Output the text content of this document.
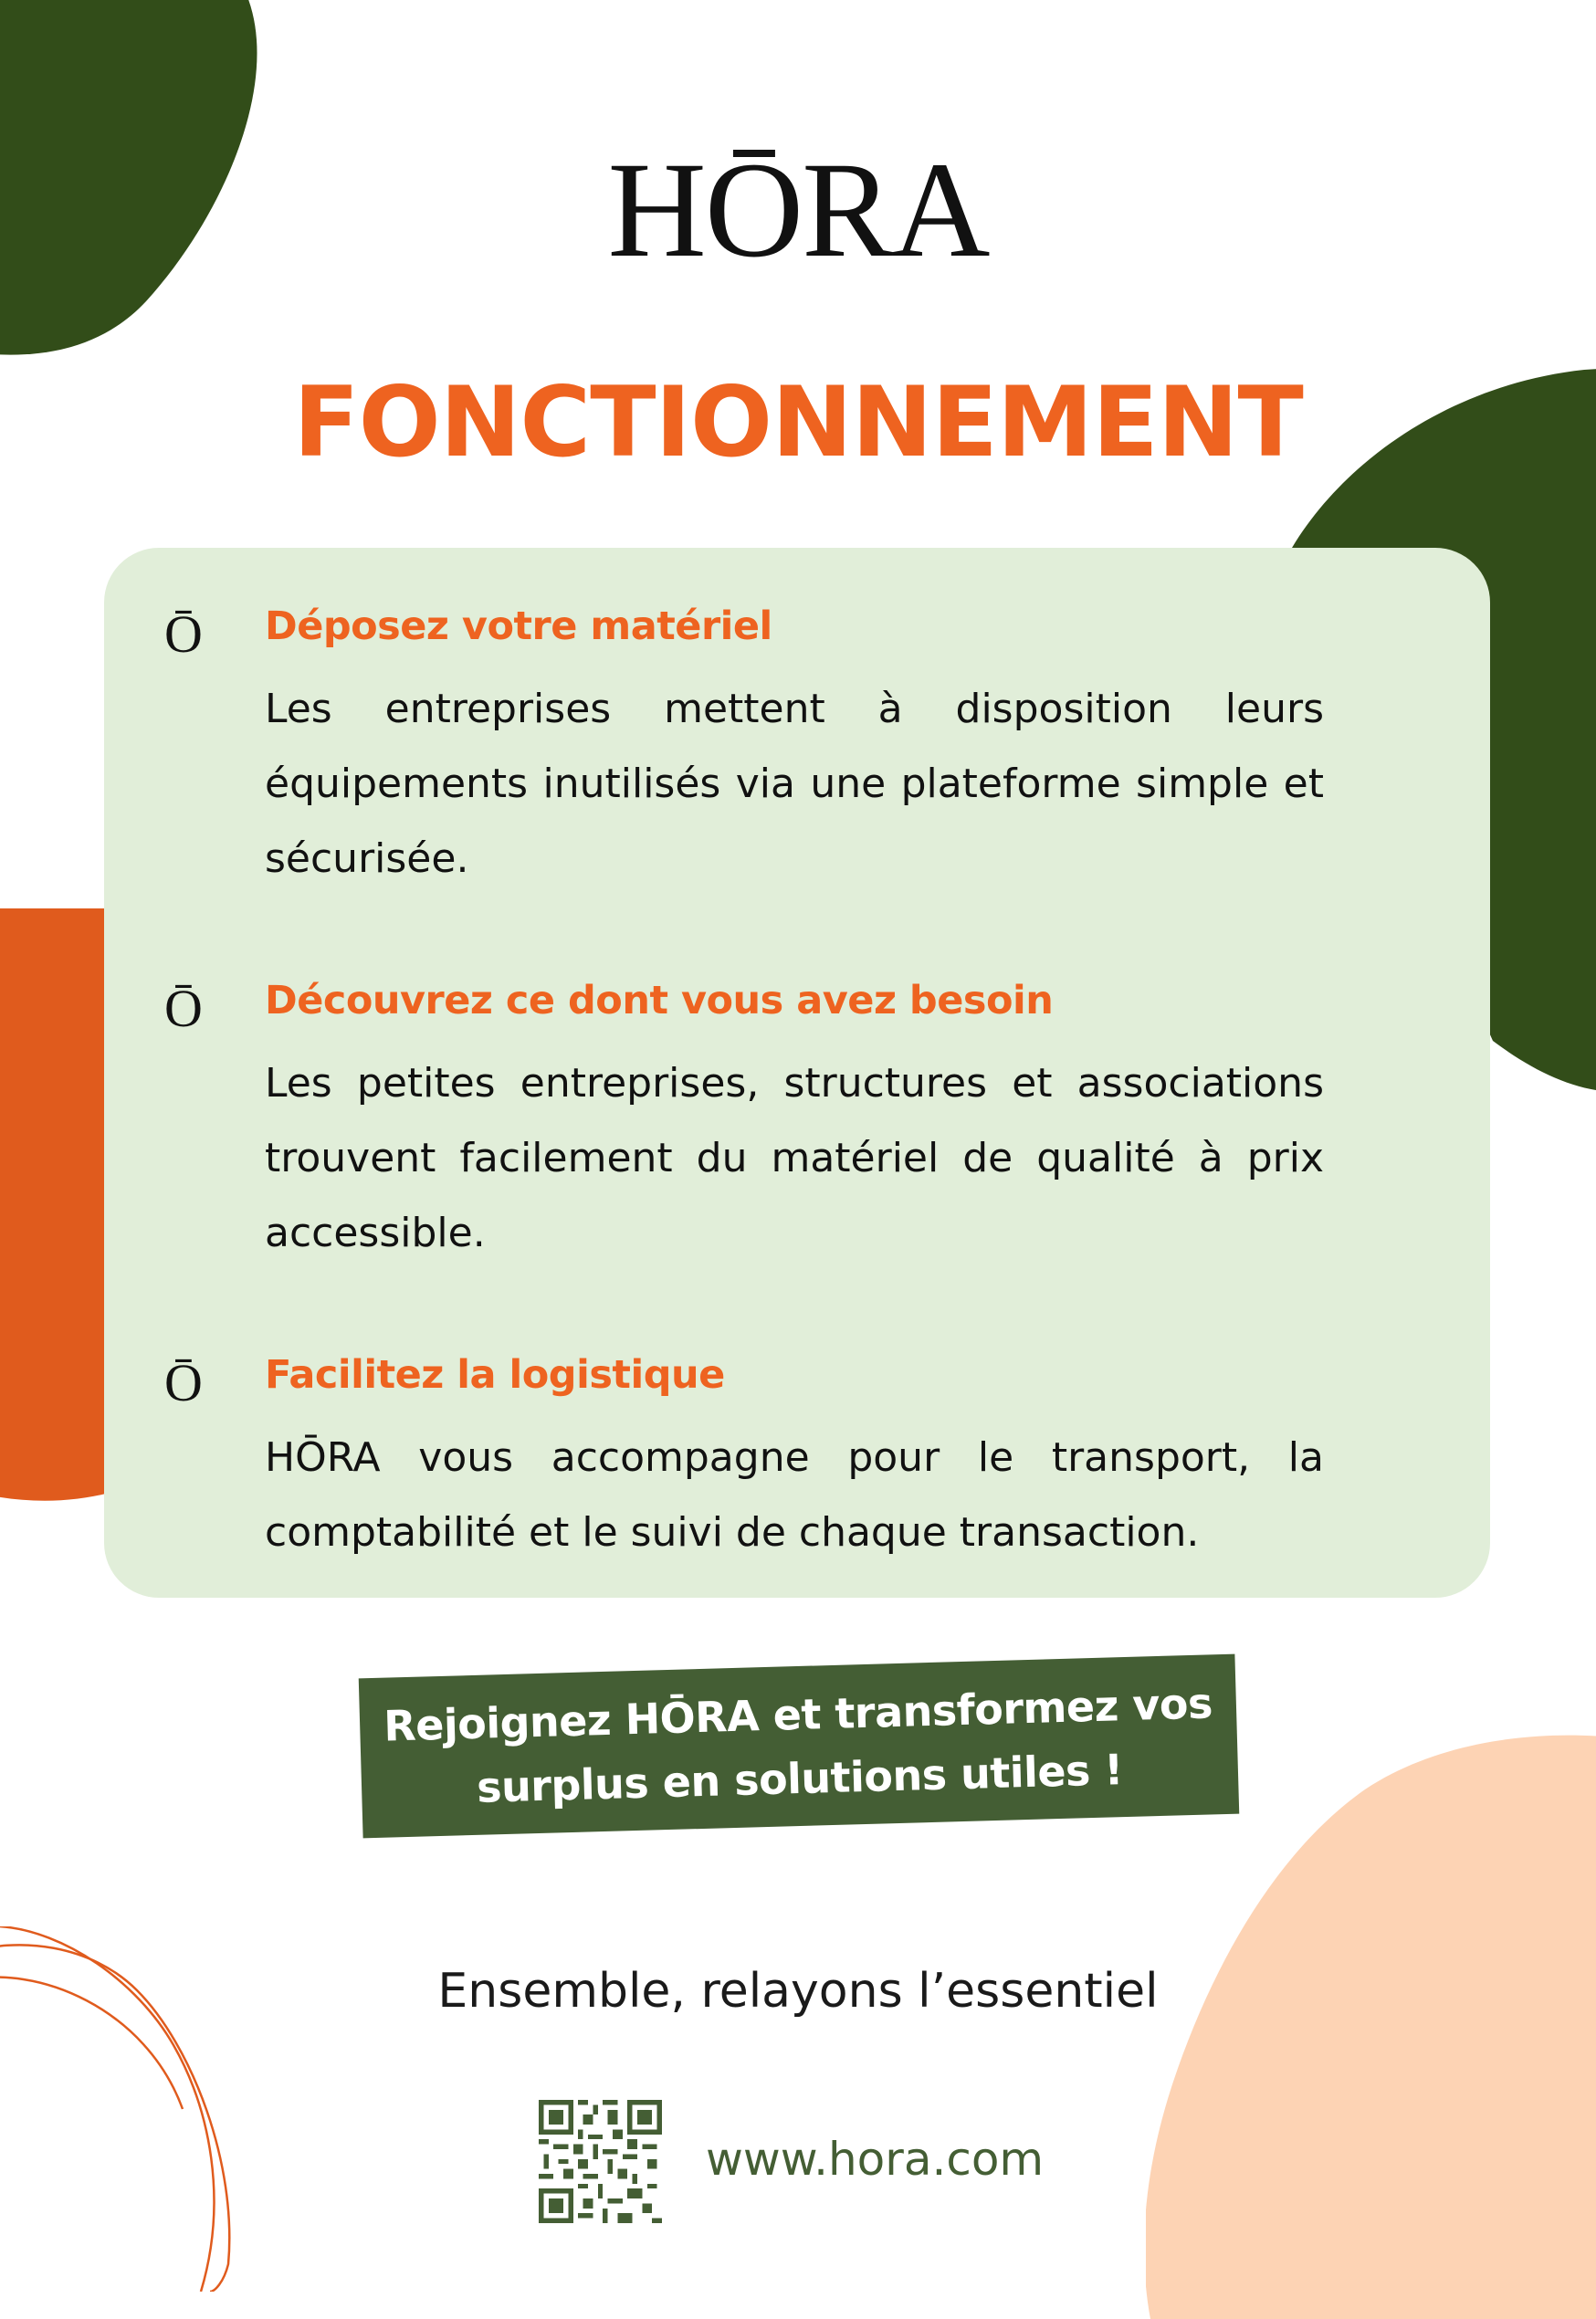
HŌRA
FONCTIONNEMENT
Ō Déposez votre matériel
Les entreprises mettent à disposition leurs équipements inutilisés via une plateforme simple et sécurisée.
Ō Découvrez ce dont vous avez besoin
Les petites entreprises, structures et associations trouvent facilement du matériel de qualité à prix accessible.
Ō Facilitez la logistique
HŌRA vous accompagne pour le transport, la comptabilité et le suivi de chaque transaction.
Rejoignez HŌRA et transformez vos
surplus en solutions utiles !
Ensemble, relayons l’essentiel
www.hora.com
